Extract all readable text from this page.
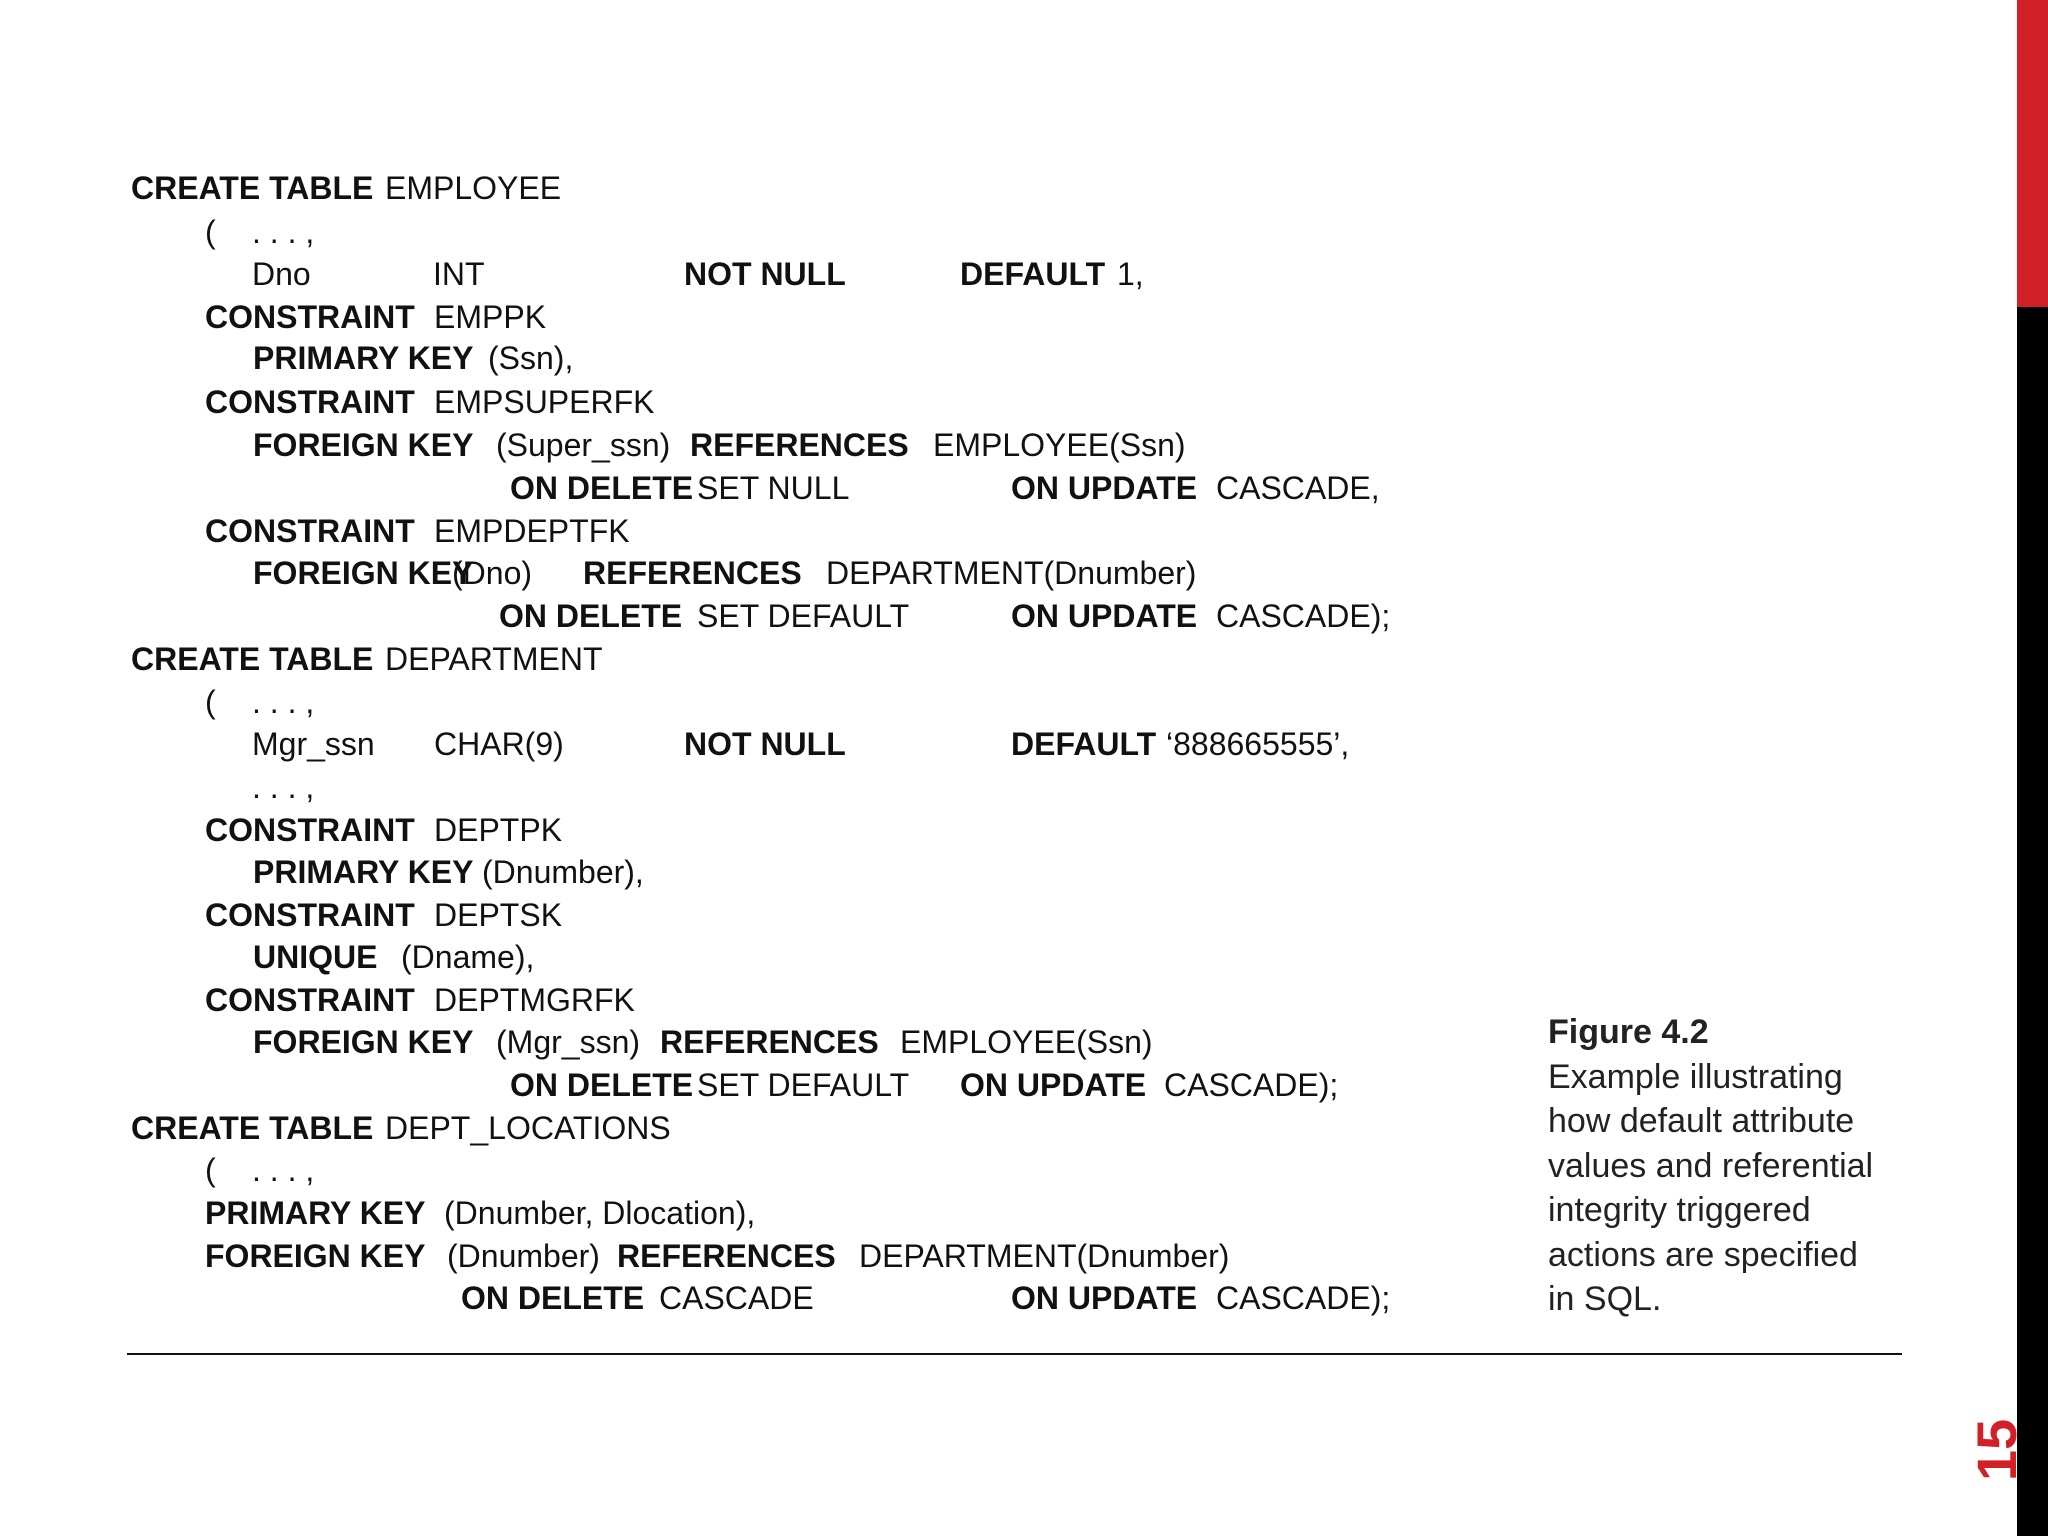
CREATE TABLE EMPLOYEE
( . . . ,
Dno	INT	NOT NULL	DEFAULT 1,
CONSTRAINT EMPPK
PRIMARY KEY (Ssn),
CONSTRAINT EMPSUPERFK
FOREIGN KEY (Super_ssn) REFERENCES EMPLOYEE(Ssn)
ON DELETE SET NULL	ON UPDATE CASCADE,
CONSTRAINT EMPDEPTFK
FOREIGN KEY
(Dno) REFERENCES DEPARTMENT(Dnumber)
ON DELETE SET DEFAULT	ON UPDATE CASCADE);
CREATE TABLE DEPARTMENT
( . . . ,
Mgr_ssn CHAR(9)	NOT NULL	DEFAULT ‘888665555’,
. . . ,
CONSTRAINT DEPTPK
PRIMARY KEY (Dnumber),
CONSTRAINT DEPTSK
UNIQUE (Dname),
CONSTRAINT DEPTMGRFK
FOREIGN KEY (Mgr_ssn) REFERENCES EMPLOYEE(Ssn)
ON DELETE SET DEFAULT ON UPDATE CASCADE);
CREATE TABLE DEPT_LOCATIONS
( . . . ,
PRIMARY KEY (Dnumber, Dlocation),
FOREIGN KEY (Dnumber) REFERENCES DEPARTMENT(Dnumber)
ON DELETE CASCADE	ON UPDATE CASCADE);
Figure 4.2
Example illustrating
how default attribute
values and referential
integrity triggered
actions are specified
in SQL.
15
